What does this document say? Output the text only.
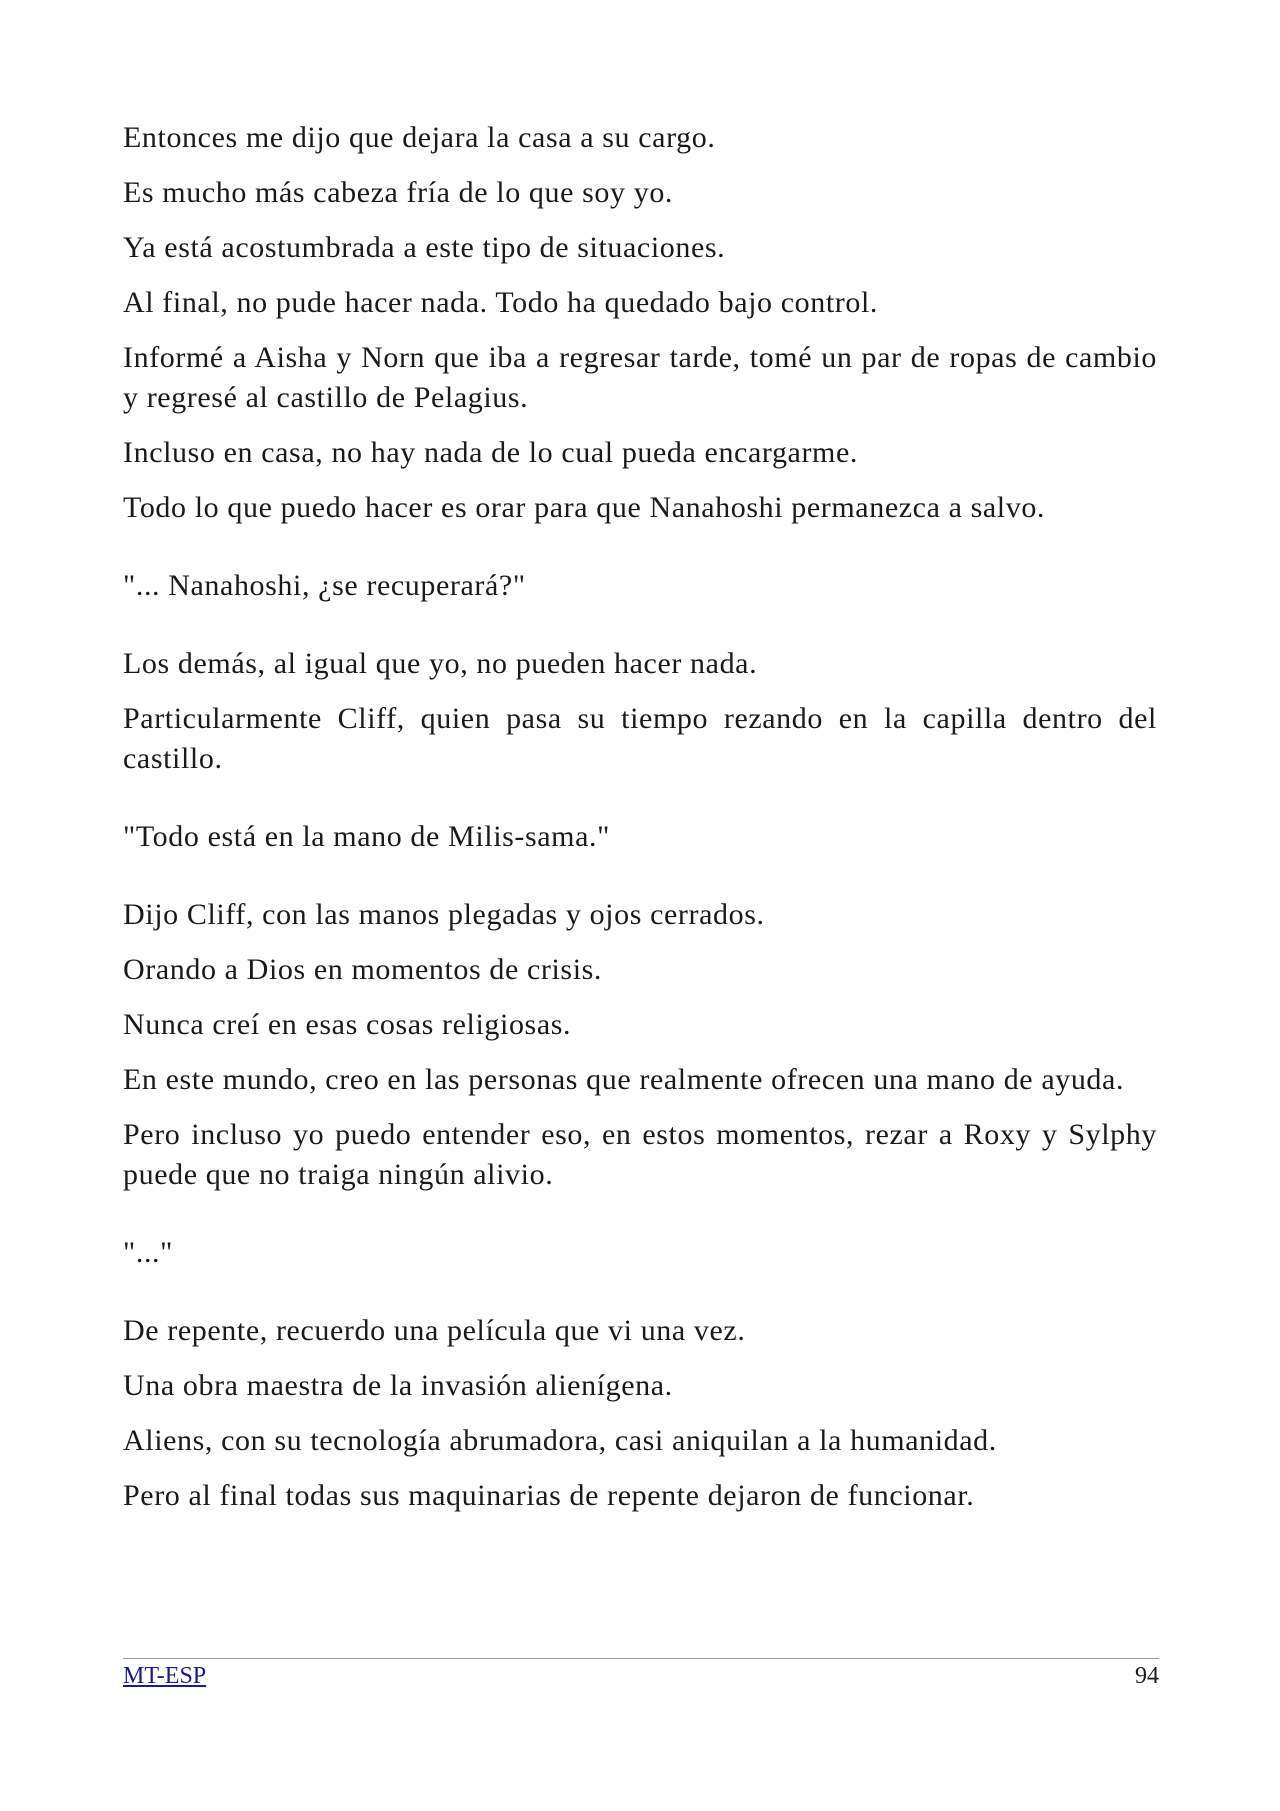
Entonces me dijo que dejara la casa a su cargo.

Es mucho más cabeza fría de lo que soy yo.

Ya está acostumbrada a este tipo de situaciones.

Al final, no pude hacer nada. Todo ha quedado bajo control.

Informé a Aisha y Norn que iba a regresar tarde, tomé un par de ropas de cambio y regresé al castillo de Pelagius.

Incluso en casa, no hay nada de lo cual pueda encargarme.

Todo lo que puedo hacer es orar para que Nanahoshi permanezca a salvo.

"... Nanahoshi, ¿se recuperará?"

Los demás, al igual que yo, no pueden hacer nada.

Particularmente Cliff, quien pasa su tiempo rezando en la capilla dentro del castillo.

"Todo está en la mano de Milis-sama."

Dijo Cliff, con las manos plegadas y ojos cerrados.

Orando a Dios en momentos de crisis.

Nunca creí en esas cosas religiosas.

En este mundo, creo en las personas que realmente ofrecen una mano de ayuda.

Pero incluso yo puedo entender eso, en estos momentos, rezar a Roxy y Sylphy puede que no traiga ningún alivio.

"..."

De repente, recuerdo una película que vi una vez.

Una obra maestra de la invasión alienígena.

Aliens, con su tecnología abrumadora, casi aniquilan a la humanidad.

Pero al final todas sus maquinarias de repente dejaron de funcionar.

MT-ESP	94
